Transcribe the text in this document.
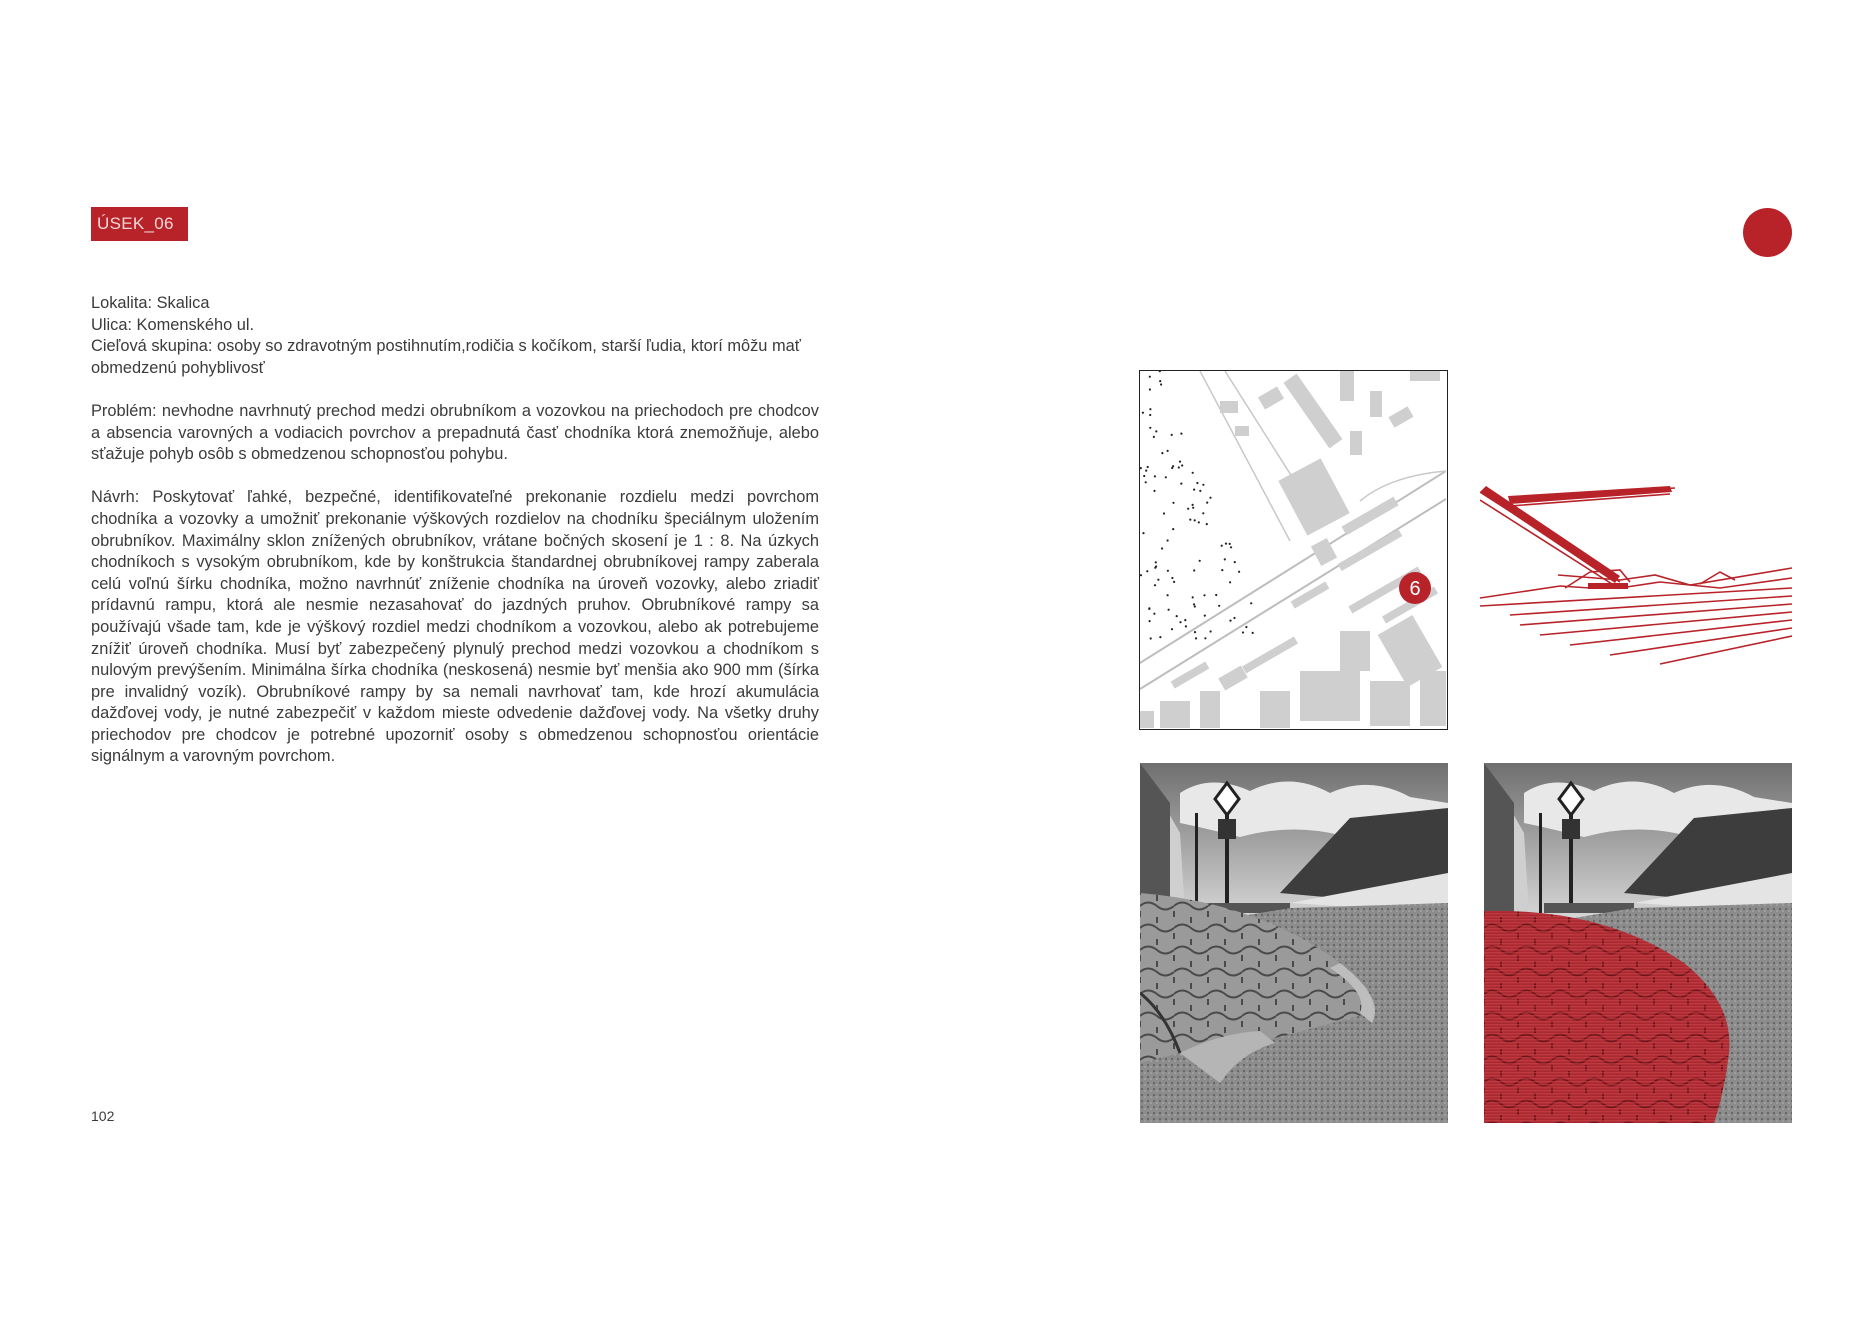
ÚSEK_06

Lokalita: Skalica

Ulica: Komenského ul.

Cieľová skupina: osoby so zdravotným postihnutím,rodičia s kočíkom, starší ľudia, ktorí môžu mať obmedzenú pohyblivosť

Problém: nevhodne navrhnutý prechod medzi obrubníkom a vozovkou na priechodoch pre chodcov a absencia varovných a vodiacich povrchov a prepadnutá časť chodníka ktorá znemožňuje, alebo sťažuje pohyb osôb s obmedzenou schopnosťou pohybu.

Návrh: Poskytovať ľahké, bezpečné, identifikovateľné prekonanie rozdielu medzi povrchom chodníka a vozovky a umožniť prekonanie výškových rozdielov na chodníku špeciálnym uložením obrubníkov. Maximálny sklon znížených obrubníkov, vrátane bočných skosení je 1 : 8. Na úzkych chodníkoch s vysokým obrubníkom, kde by konštrukcia štandardnej obrubníkovej rampy zaberala celú voľnú šírku chodníka, možno navrhnúť zníženie chodníka na úroveň vozovky, alebo zriadiť prídavnú rampu, ktorá ale nesmie nezasahovať do jazdných pruhov. Obrubníkové rampy sa používajú všade tam, kde je výškový rozdiel medzi chodníkom a vozovkou, alebo ak potrebujeme znížiť úroveň chodníka. Musí byť zabezpečený plynulý prechod medzi vozovkou a chodníkom s nulovým prevýšením. Minimálna šírka chodníka (neskosená) nesmie byť menšia ako 900 mm (šírka pre invalidný vozík). Obrubníkové rampy by sa nemali navrhovať tam, kde hrozí akumulácia dažďovej vody, je nutné zabezpečiť v každom mieste odvedenie dažďovej vody. Na všetky druhy priechodov pre chodcov je potrebné upozorniť osoby s obmedzenou schopnosťou orientácie signálnym a varovným povrchom.

102
6
